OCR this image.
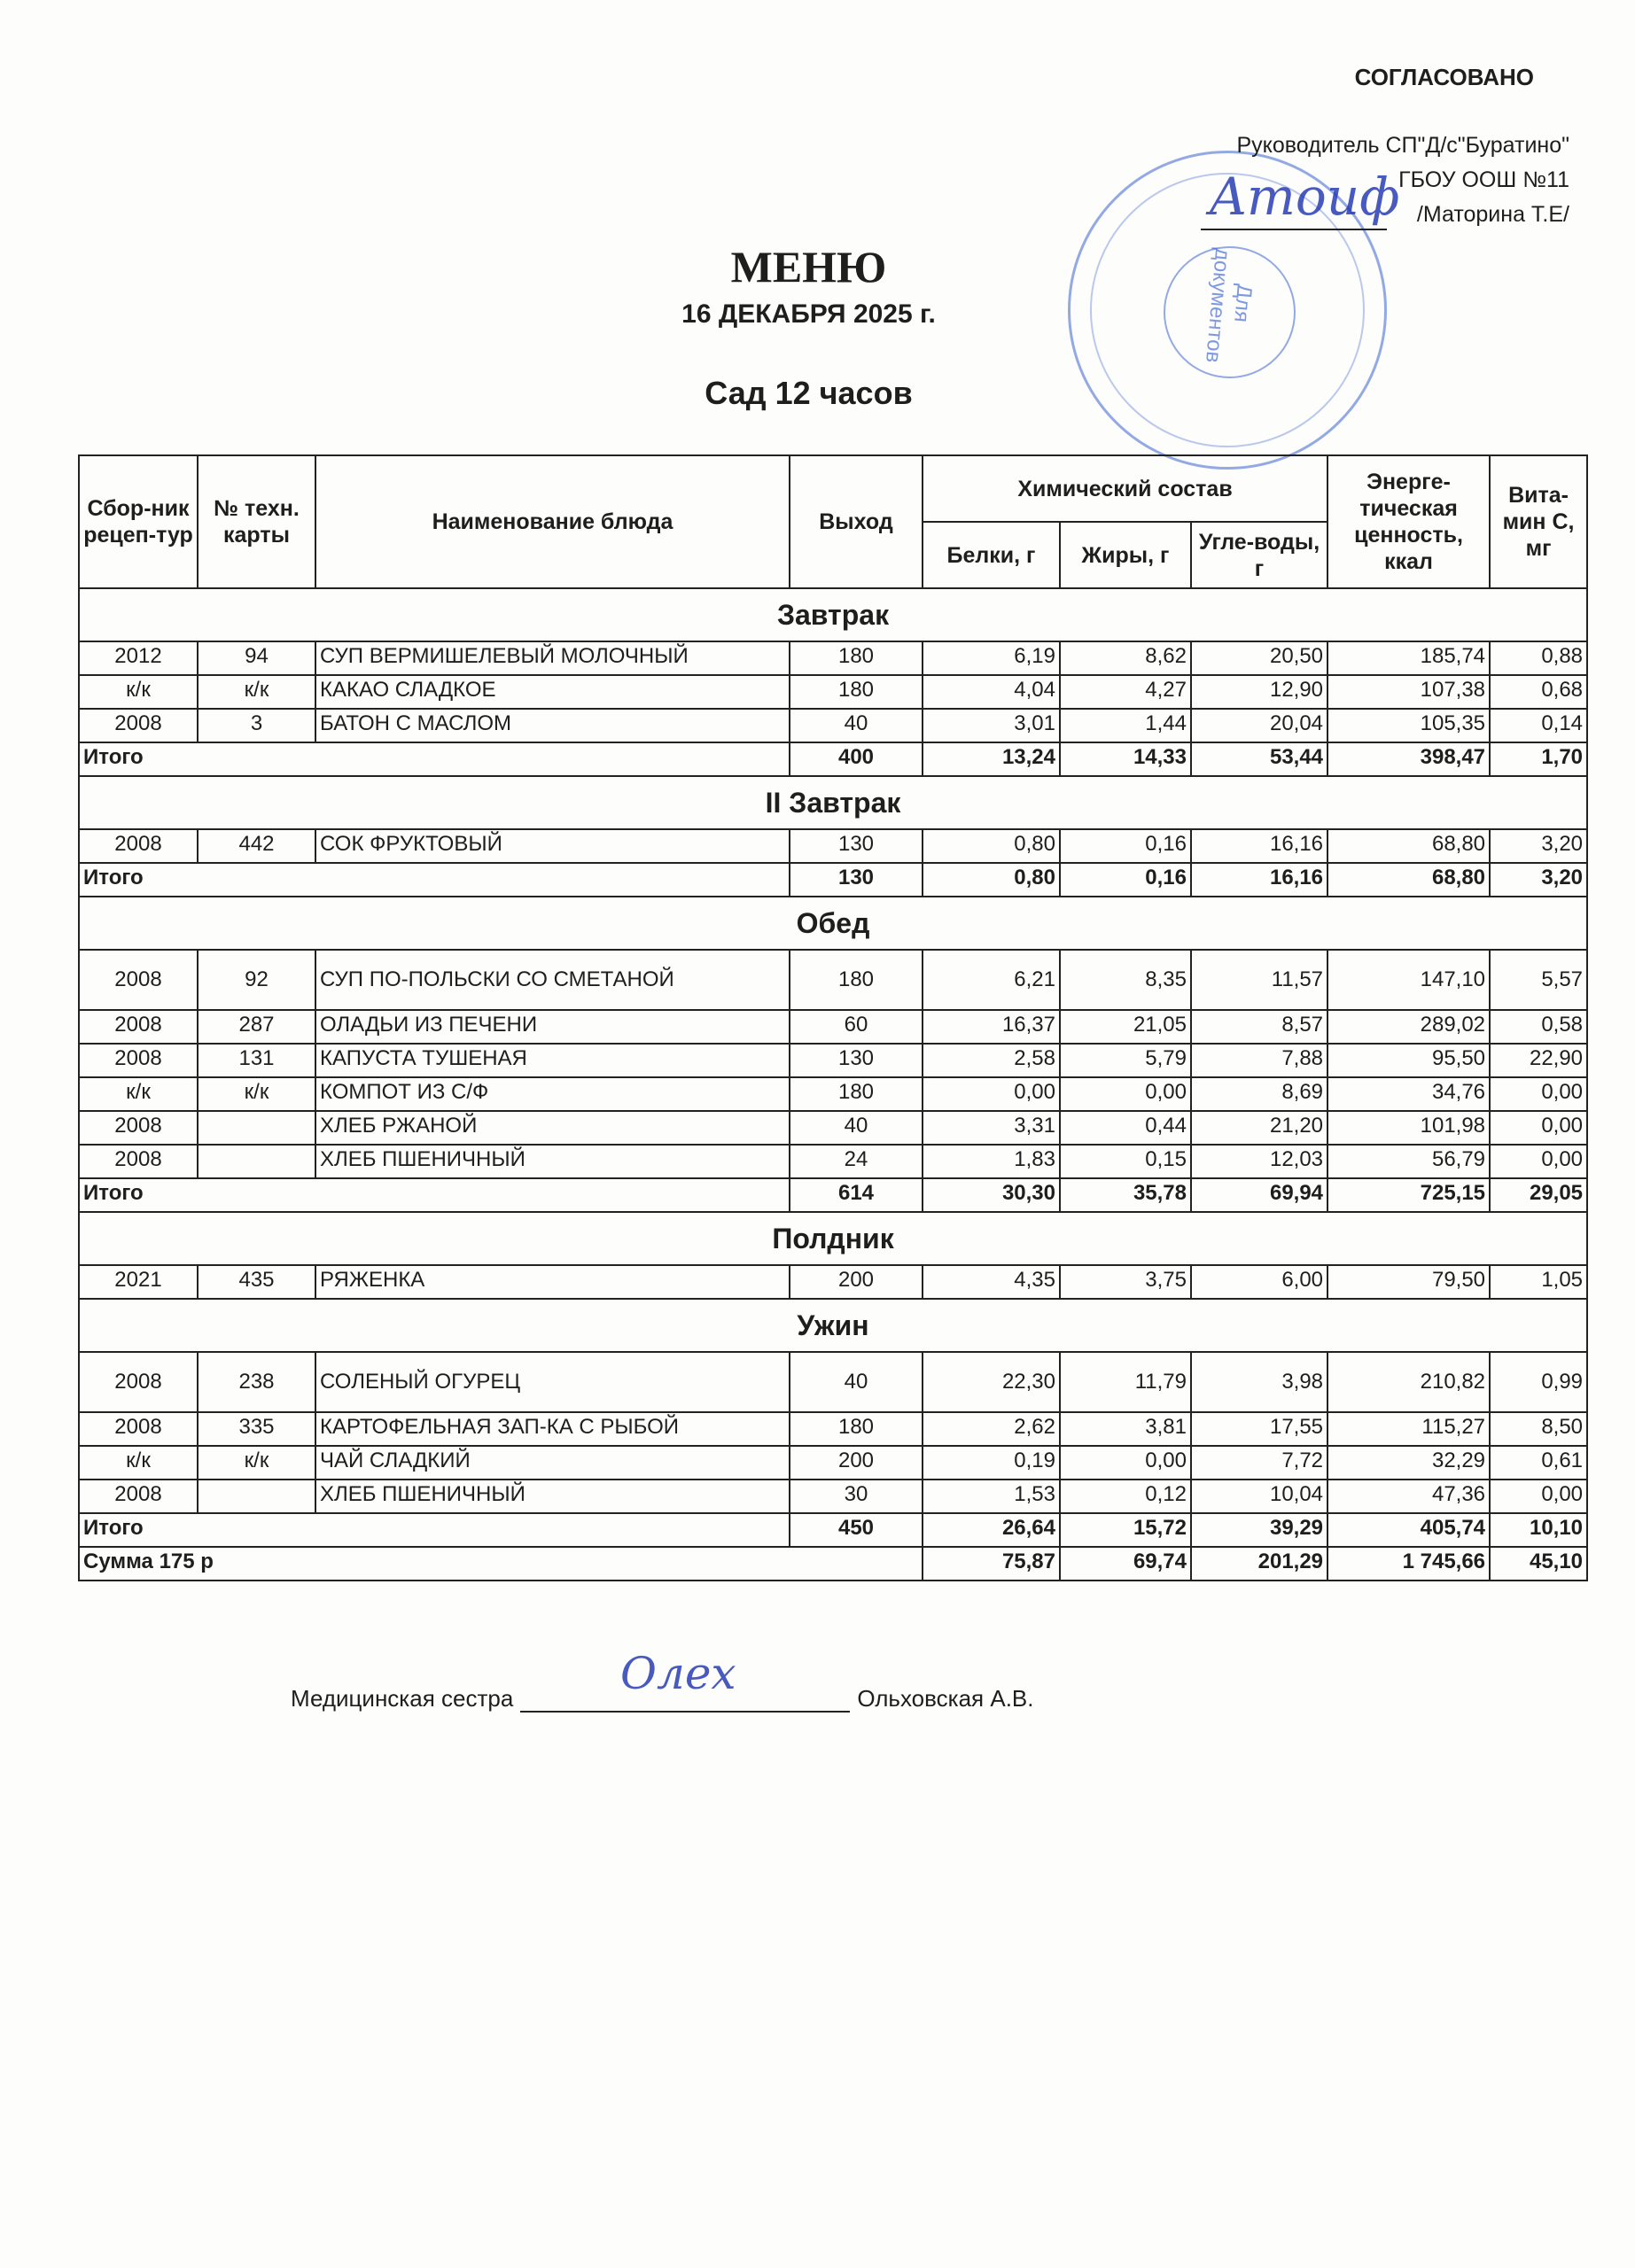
Для документов
СОГЛАСОВАНО
Руководитель СП"Д/с"Буратино"
ГБОУ ООШ №11
/Маторина Т.Е/
Aтоиф
МЕНЮ
16 ДЕКАБРЯ 2025 г.
Сад 12 часов
Сбор-ник рецеп-тур	№ техн. карты	Наименование блюда	Выход	Химический состав			Энерге-тическая ценность, ккал	Вита-мин С, мг
				Белки, г	Жиры, г	Угле-воды, г		
Завтрак								
2012	94	СУП ВЕРМИШЕЛЕВЫЙ МОЛОЧНЫЙ	180	6,19	8,62	20,50	185,74	0,88
к/к	к/к	КАКАО СЛАДКОЕ	180	4,04	4,27	12,90	107,38	0,68
2008	3	БАТОН С МАСЛОМ	40	3,01	1,44	20,04	105,35	0,14
Итого			400	13,24	14,33	53,44	398,47	1,70
II Завтрак								
2008	442	СОК ФРУКТОВЫЙ	130	0,80	0,16	16,16	68,80	3,20
Итого			130	0,80	0,16	16,16	68,80	3,20
Обед								
2008	92	СУП ПО-ПОЛЬСКИ СО СМЕТАНОЙ	180	6,21	8,35	11,57	147,10	5,57
2008	287	ОЛАДЬИ ИЗ ПЕЧЕНИ	60	16,37	21,05	8,57	289,02	0,58
2008	131	КАПУСТА ТУШЕНАЯ	130	2,58	5,79	7,88	95,50	22,90
к/к	к/к	КОМПОТ ИЗ С/Ф	180	0,00	0,00	8,69	34,76	0,00
2008		ХЛЕБ РЖАНОЙ	40	3,31	0,44	21,20	101,98	0,00
2008		ХЛЕБ ПШЕНИЧНЫЙ	24	1,83	0,15	12,03	56,79	0,00
Итого			614	30,30	35,78	69,94	725,15	29,05
Полдник								
2021	435	РЯЖЕНКА	200	4,35	3,75	6,00	79,50	1,05
Ужин								
2008	238	СОЛЕНЫЙ ОГУРЕЦ	40	22,30	11,79	3,98	210,82	0,99
2008	335	КАРТОФЕЛЬНАЯ ЗАП-КА С РЫБОЙ	180	2,62	3,81	17,55	115,27	8,50
к/к	к/к	ЧАЙ СЛАДКИЙ	200	0,19	0,00	7,72	32,29	0,61
2008		ХЛЕБ ПШЕНИЧНЫЙ	30	1,53	0,12	10,04	47,36	0,00
Итого			450	26,64	15,72	39,29	405,74	10,10
Сумма 175 р				75,87	69,74	201,29	1 745,66	45,10
Медицинская сестра	Ольховская А.В.
Олех
